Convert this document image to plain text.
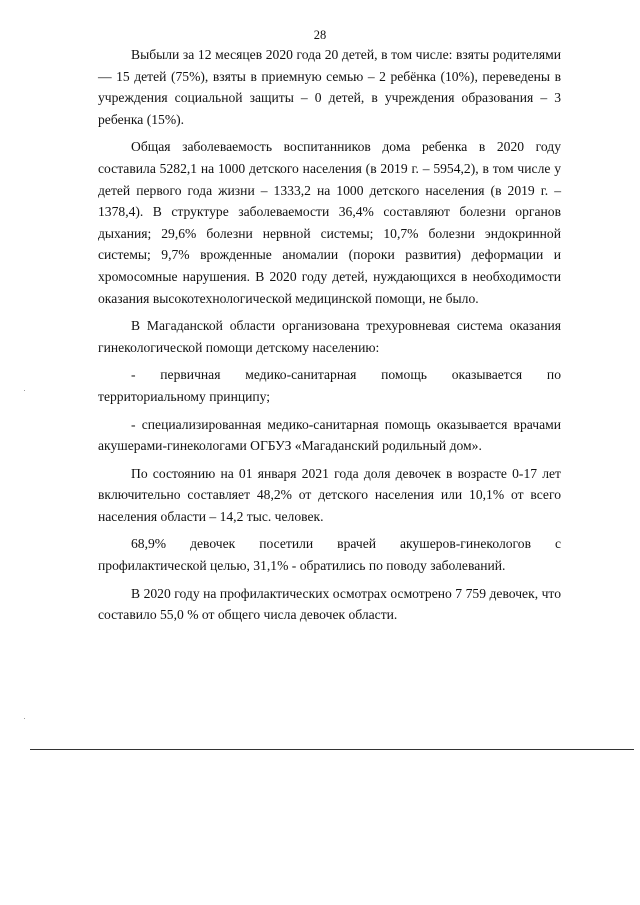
28

Выбыли за 12 месяцев 2020 года 20 детей, в том числе: взяты родителями — 15 детей (75%), взяты в приемную семью – 2 ребёнка (10%), переведены в учреждения социальной защиты – 0 детей, в учреждения образования – 3 ребенка (15%).

Общая заболеваемость воспитанников дома ребенка в 2020 году составила 5282,1 на 1000 детского населения (в 2019 г. – 5954,2), в том числе у детей первого года жизни – 1333,2 на 1000 детского населения (в 2019 г. – 1378,4). В структуре заболеваемости 36,4% составляют болезни органов дыхания; 29,6% болезни нервной системы; 10,7% болезни эндокринной системы; 9,7% врожденные аномалии (пороки развития) деформации и хромосомные нарушения. В 2020 году детей, нуждающихся в необходимости оказания высокотехнологической медицинской помощи, не было.

В Магаданской области организована трехуровневая система оказания гинекологической помощи детскому населению:

- первичная медико-санитарная помощь оказывается по территориальному принципу;

- специализированная медико-санитарная помощь оказывается врачами акушерами-гинекологами ОГБУЗ «Магаданский родильный дом».

По состоянию на 01 января 2021 года доля девочек в возрасте 0-17 лет включительно составляет 48,2% от детского населения или 10,1% от всего населения области – 14,2 тыс. человек.

68,9% девочек посетили врачей акушеров-гинекологов с профилактической целью, 31,1% - обратились по поводу заболеваний.

В 2020 году на профилактических осмотрах осмотрено 7 759 девочек, что составило 55,0 % от общего числа девочек области.
